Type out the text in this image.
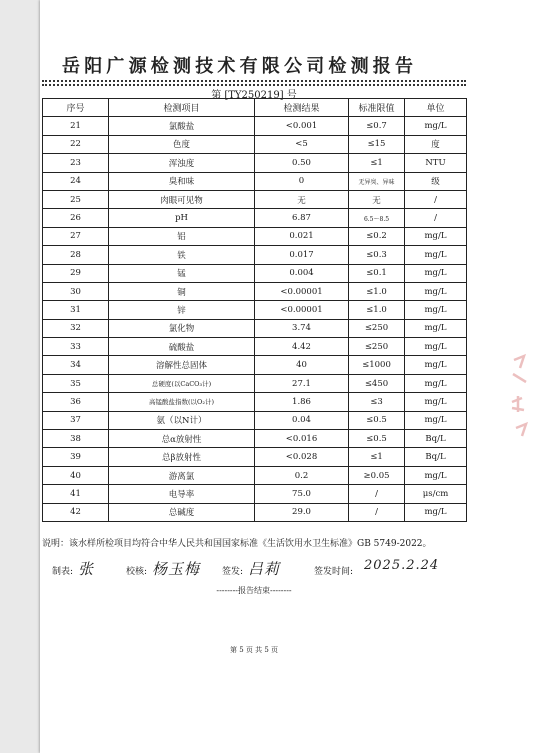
岳阳广源检测技术有限公司检测报告
第 [TY250219] 号
序号	检测项目	检测结果	标准限值	单位
21	氯酸盐	<0.001	≤0.7	mg/L
22	色度	<5	≤15	度
23	浑浊度	0.50	≤1	NTU
24	臭和味	0	无异臭、异味	级
25	肉眼可见物	无	无	/
26	pH	6.87	6.5～8.5	/
27	铝	0.021	≤0.2	mg/L
28	铁	0.017	≤0.3	mg/L
29	锰	0.004	≤0.1	mg/L
30	铜	<0.00001	≤1.0	mg/L
31	锌	<0.00001	≤1.0	mg/L
32	氯化物	3.74	≤250	mg/L
33	硫酸盐	4.42	≤250	mg/L
34	溶解性总固体	40	≤1000	mg/L
35	总硬度(以CaCO₃计)	27.1	≤450	mg/L
36	高锰酸盐指数(以O₂计)	1.86	≤3	mg/L
37	氨（以N计）	0.04	≤0.5	mg/L
38	总α放射性	<0.016	≤0.5	Bq/L
39	总β放射性	<0.028	≤1	Bq/L
40	游离氯	0.2	≥0.05	mg/L
41	电导率	75.0	/	μs/cm
42	总碱度	29.0	/	mg/L
说明：该水样所检项目均符合中华人民共和国国家标准《生活饮用水卫生标准》GB 5749-2022。
制表: 张	校核: 杨玉梅 签发: 吕莉	签发时间: 2025.2.24
--------报告结束--------
第 5 页 共 5 页
